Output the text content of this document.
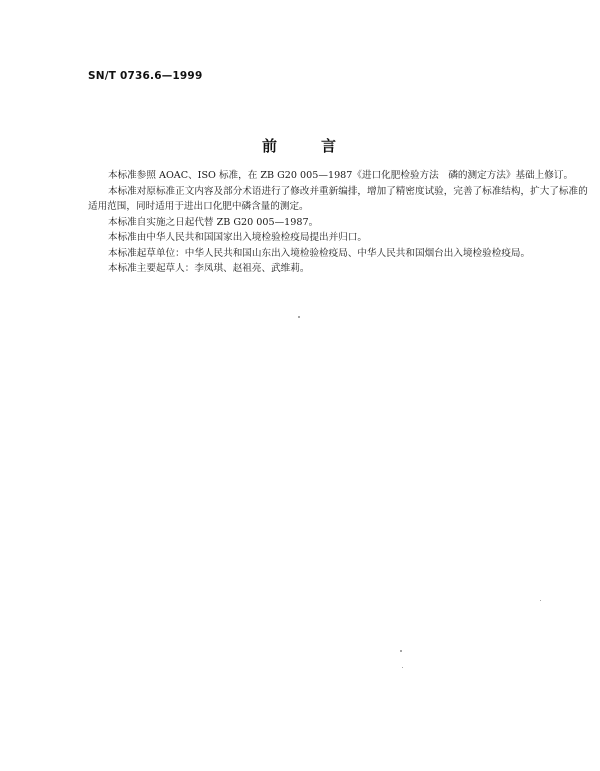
SN/T 0736.6—1999
前	言

本标准参照 AOAC、ISO 标准，在 ZB G20 005—1987《进口化肥检验方法　磷的测定方法》基础上修订。

本标准对原标准正文内容及部分术语进行了修改并重新编排，增加了精密度试验，完善了标准结构，扩大了标准的适用范围，同时适用于进出口化肥中磷含量的测定。

本标准自实施之日起代替 ZB G20 005—1987。

本标准由中华人民共和国国家出入境检验检疫局提出并归口。

本标准起草单位：中华人民共和国山东出入境检验检疫局、中华人民共和国烟台出入境检验检疫局。

本标准主要起草人：李凤琪、赵祖亮、武维莉。
